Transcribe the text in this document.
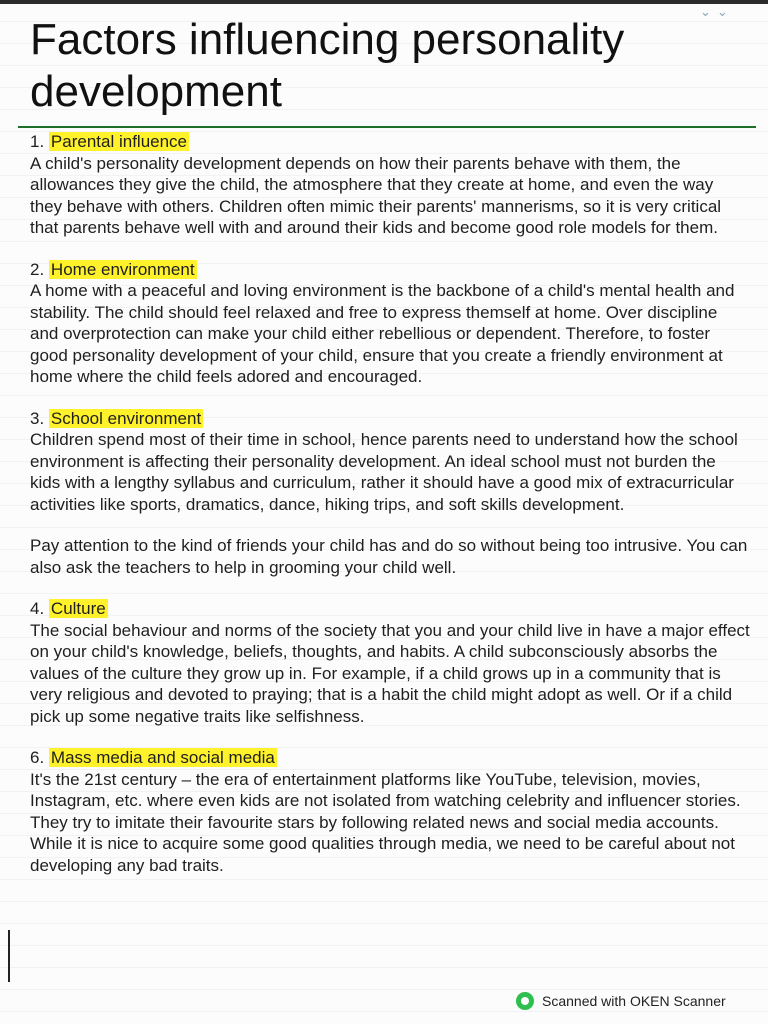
⌄⌄
Factors influencing personality development

1. Parental influence

A child's personality development depends on how their parents behave with them, the allowances they give the child, the atmosphere that they create at home, and even the way they behave with others. Children often mimic their parents' mannerisms, so it is very critical that parents behave well with and around their kids and become good role models for them.

2. Home environment

A home with a peaceful and loving environment is the backbone of a child's mental health and stability. The child should feel relaxed and free to express themself at home. Over discipline and overprotection can make your child either rebellious or dependent. Therefore, to foster good personality development of your child, ensure that you create a friendly environment at home where the child feels adored and encouraged.

3. School environment

Children spend most of their time in school, hence parents need to understand how the school environment is affecting their personality development. An ideal school must not burden the kids with a lengthy syllabus and curriculum, rather it should have a good mix of extracurricular activities like sports, dramatics, dance, hiking trips, and soft skills development.

Pay attention to the kind of friends your child has and do so without being too intrusive. You can also ask the teachers to help in grooming your child well.

4. Culture

The social behaviour and norms of the society that you and your child live in have a major effect on your child's knowledge, beliefs, thoughts, and habits. A child subconsciously absorbs the values of the culture they grow up in. For example, if a child grows up in a community that is very religious and devoted to praying; that is a habit the child might adopt as well. Or if a child pick up some negative traits like selfishness.

6. Mass media and social media

It's the 21st century – the era of entertainment platforms like YouTube, television, movies, Instagram, etc. where even kids are not isolated from watching celebrity and influencer stories. They try to imitate their favourite stars by following related news and social media accounts. While it is nice to acquire some good qualities through media, we need to be careful about not developing any bad traits.

Scanned with OKEN Scanner
